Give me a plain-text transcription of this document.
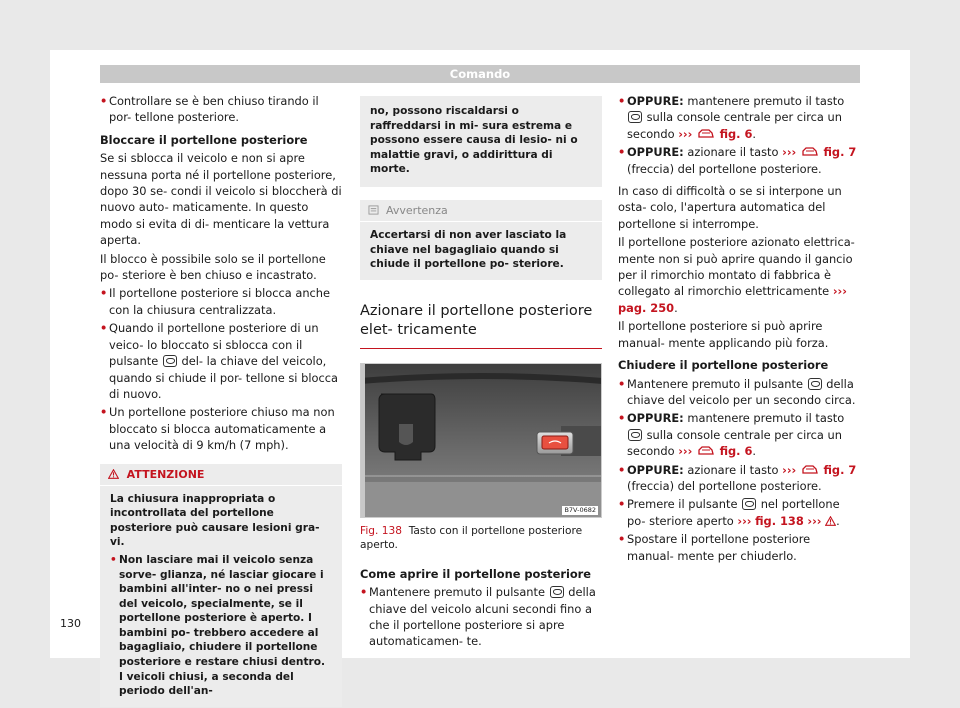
Comando

• Controllare se è ben chiuso tirando il por- tellone posteriore.

Bloccare il portellone posteriore

Se si sblocca il veicolo e non si apre nessuna porta né il portellone posteriore, dopo 30 se- condi il veicolo si bloccherà di nuovo auto- maticamente. In questo modo si evita di di- menticare la vettura aperta.

Il blocco è possibile solo se il portellone po- steriore è ben chiuso e incastrato.

• Il portellone posteriore si blocca anche con la chiusura centralizzata.

• Quando il portellone posteriore di un veico- lo bloccato si sblocca con il pulsante del- la chiave del veicolo, quando si chiude il por- tellone si blocca di nuovo.

• Un portellone posteriore chiuso ma non bloccato si blocca automaticamente a una velocità di 9 km/h (7 mph).

ATTENZIONE

La chiusura inappropriata o incontrollata del portellone posteriore può causare lesioni gra- vi.

• Non lasciare mai il veicolo senza sorve- glianza, né lasciar giocare i bambini all'inter- no o nei pressi del veicolo, specialmente, se il portellone posteriore è aperto. I bambini po- trebbero accedere al bagagliaio, chiudere il portellone posteriore e restare chiusi dentro. I veicoli chiusi, a seconda del periodo dell'an-

no, possono riscaldarsi o raffreddarsi in mi- sura estrema e possono essere causa di lesio- ni o malattie gravi, o addirittura di morte.
Avvertenza
Accertarsi di non aver lasciato la chiave nel bagagliaio quando si chiude il portellone po- steriore.
Azionare il portellone posteriore elet- tricamente
B7V-0682

Fig. 138 Tasto con il portellone posteriore aperto.

Come aprire il portellone posteriore

• Mantenere premuto il pulsante della chiave del veicolo alcuni secondi fino a che il portellone posteriore si apre automaticamen- te.

• OPPURE: mantenere premuto il tasto  sulla console centrale per circa un secondo ››› fig. 6.

• OPPURE: azionare il tasto ››› fig. 7 (freccia) del portellone posteriore.

In caso di difficoltà o se si interpone un osta- colo, l'apertura automatica del portellone si interrompe.

Il portellone posteriore azionato elettrica- mente non si può aprire quando il gancio per il rimorchio montato di fabbrica è collegato al rimorchio elettricamente ››› pag. 250.

Il portellone posteriore si può aprire manual- mente applicando più forza.

Chiudere il portellone posteriore

• Mantenere premuto il pulsante della chiave del veicolo per un secondo circa.

• OPPURE: mantenere premuto il tasto  sulla console centrale per circa un secondo ››› fig. 6.

• OPPURE: azionare il tasto ››› fig. 7 (freccia) del portellone posteriore.

• Premere il pulsante nel portellone po- steriore aperto ››› fig. 138 ››› .

• Spostare il portellone posteriore manual- mente per chiuderlo.

130
